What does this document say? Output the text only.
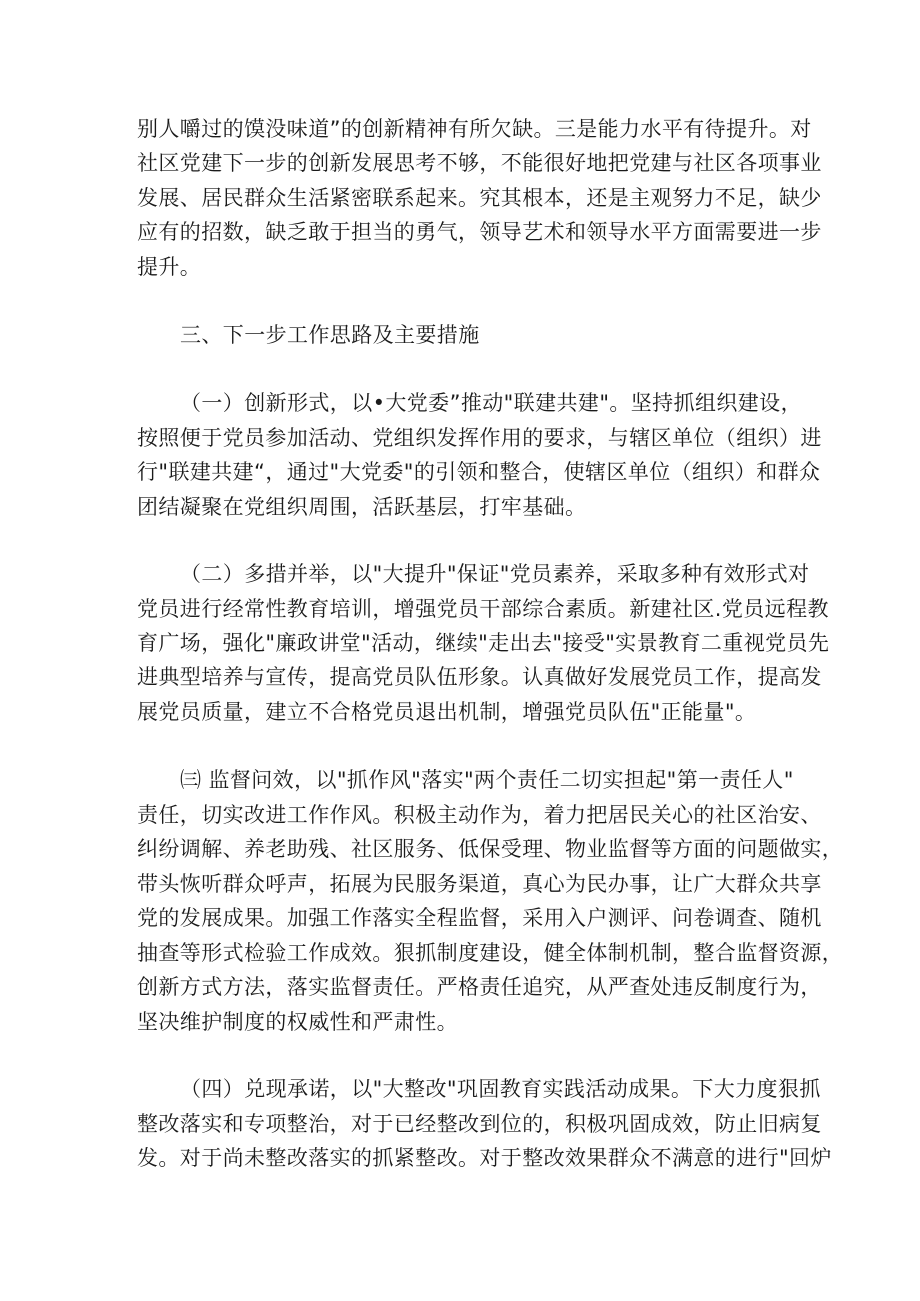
别人嚼过的馍没味道”的创新精神有所欠缺。三是能力水平有待提升。对
社区党建下一步的创新发展思考不够，不能很好地把党建与社区各项事业
发展、居民群众生活紧密联系起来。究其根本，还是主观努力不足，缺少
应有的招数，缺乏敢于担当的勇气，领导艺术和领导水平方面需要进一步
提升。
三、下一步工作思路及主要措施
（一）创新形式，以•大党委”推动"联建共建"。坚持抓组织建设，
按照便于党员参加活动、党组织发挥作用的要求，与辖区单位（组织）进
行"联建共建“，通过"大党委"的引领和整合，使辖区单位（组织）和群众
团结凝聚在党组织周围，活跃基层，打牢基础。
（二）多措并举，以"大提升"保证"党员素养，采取多种有效形式对
党员进行经常性教育培训，增强党员干部综合素质。新建社区.党员远程教
育广场，强化"廉政讲堂"活动，继续"走出去"接受"实景教育二重视党员先
进典型培养与宣传，提高党员队伍形象。认真做好发展党员工作，提高发
展党员质量，建立不合格党员退出机制，增强党员队伍"正能量"。
㈢ 监督问效，以"抓作风"落实"两个责任二切实担起"第一责任人"
责任，切实改进工作作风。积极主动作为，着力把居民关心的社区治安、
纠纷调解、养老助残、社区服务、低保受理、物业监督等方面的问题做实，
带头恢听群众呼声，拓展为民服务渠道，真心为民办事，让广大群众共享
党的发展成果。加强工作落实全程监督，采用入户测评、问卷调查、随机
抽查等形式检验工作成效。狠抓制度建设，健全体制机制，整合监督资源，
创新方式方法，落实监督责任。严格责任追究，从严查处违反制度行为，
坚决维护制度的权威性和严肃性。
（四）兑现承诺，以"大整改"巩固教育实践活动成果。下大力度狠抓
整改落实和专项整治，对于已经整改到位的，积极巩固成效，防止旧病复
发。对于尚未整改落实的抓紧整改。对于整改效果群众不满意的进行"回炉
